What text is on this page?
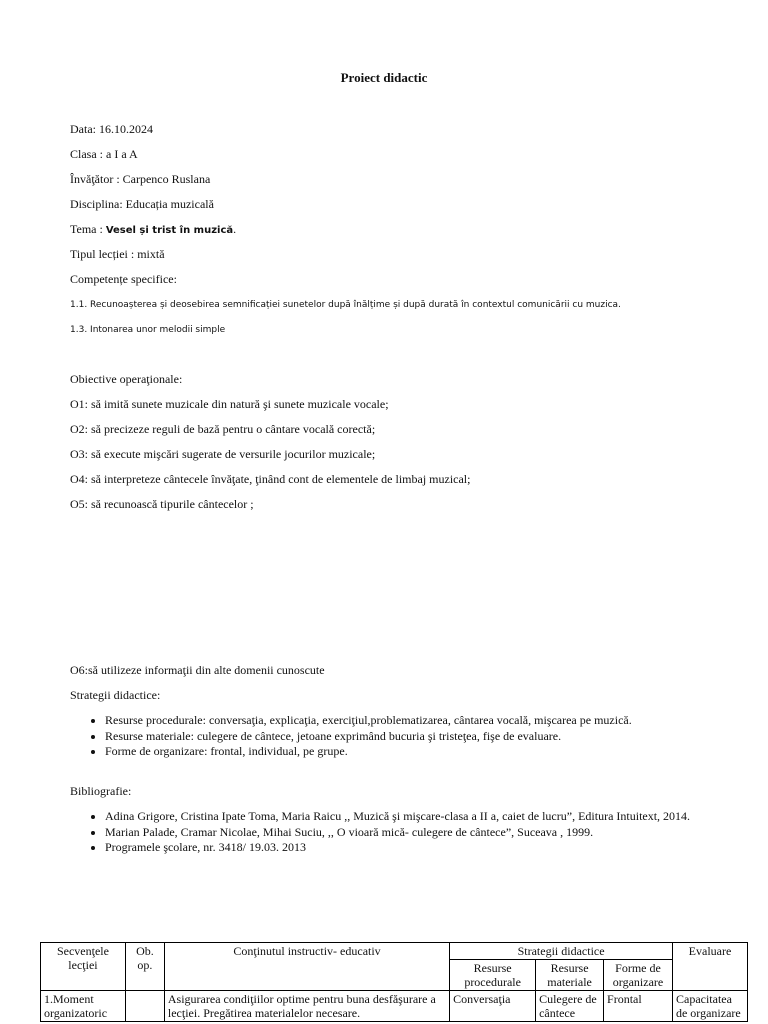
Proiect didactic
Data: 16.10.2024
Clasa : a I a A
Învăţător : Carpenco Ruslana
Disciplina: Educația muzicală
Tema : Vesel și trist în muzică.
Tipul lecției : mixtă
Competențe specifice:
1.1. Recunoașterea și deosebirea semnificației sunetelor după înălțime și după durată în contextul comunicării cu muzica.
1.3. Intonarea unor melodii simple
Obiective operaţionale:
O1: să imită sunete muzicale din natură şi sunete muzicale vocale;
O2: să precizeze reguli de bază pentru o cântare vocală corectă;
O3: să execute mişcări sugerate de versurile jocurilor muzicale;
O4: să interpreteze cântecele învăţate, ţinând cont de elementele de limbaj muzical;
O5: să recunoască tipurile cântecelor ;
O6:să utilizeze informaţii din alte domenii cunoscute
Strategii didactice:
• Resurse procedurale: conversaţia, explicaţia, exerciţiul,problematizarea, cântarea vocală, mişcarea pe muzică.
• Resurse materiale: culegere de cântece, jetoane exprimând bucuria şi tristeţea, fişe de evaluare.
• Forme de organizare: frontal, individual, pe grupe.
Bibliografie:
• Adina Grigore, Cristina Ipate Toma, Maria Raicu ,, Muzică şi mişcare-clasa a II a, caiet de lucru”, Editura Intuitext, 2014.
• Marian Palade, Cramar Nicolae, Mihai Suciu, ,, O vioară mică- culegere de cântece”, Suceava , 1999.
• Programele şcolare, nr. 3418/ 19.03. 2013
Secvenţele lecţiei	Ob. op.	Conţinutul instructiv- educativ	Strategii didactice			Evaluare
			Resurse procedurale	Resurse materiale	Forme de organizare	
1.Moment organizatoric		Asigurarea condiţiilor optime pentru buna desfăşurare a lecţiei. Pregătirea materialelor necesare.	Conversaţia	Culegere de cântece	Frontal	Capacitatea de organizare
